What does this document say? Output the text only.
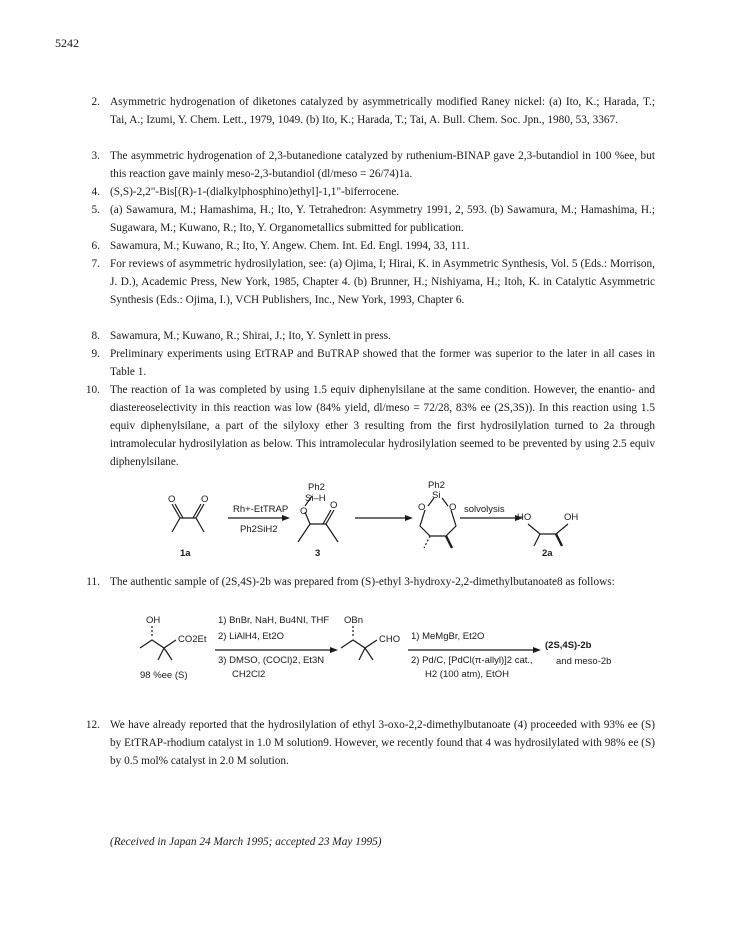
5242
2. Asymmetric hydrogenation of diketones catalyzed by asymmetrically modified Raney nickel: (a) Ito, K.; Harada, T.; Tai, A.; Izumi, Y. Chem. Lett., 1979, 1049. (b) Ito, K.; Harada, T.; Tai, A. Bull. Chem. Soc. Jpn., 1980, 53, 3367.
3. The asymmetric hydrogenation of 2,3-butanedione catalyzed by ruthenium-BINAP gave 2,3-butandiol in 100 %ee, but this reaction gave mainly meso-2,3-butandiol (dl/meso = 26/74)1a.
4. (S,S)-2,2"-Bis[(R)-1-(dialkylphosphino)ethyl]-1,1"-biferrocene.
5. (a) Sawamura, M.; Hamashima, H.; Ito, Y. Tetrahedron: Asymmetry 1991, 2, 593. (b) Sawamura, M.; Hamashima, H.; Sugawara, M.; Kuwano, R.; Ito, Y. Organometallics submitted for publication.
6. Sawamura, M.; Kuwano, R.; Ito, Y. Angew. Chem. Int. Ed. Engl. 1994, 33, 111.
7. For reviews of asymmetric hydrosilylation, see: (a) Ojima, I; Hirai, K. in Asymmetric Synthesis, Vol. 5 (Eds.: Morrison, J. D.), Academic Press, New York, 1985, Chapter 4. (b) Brunner, H.; Nishiyama, H.; Itoh, K. in Catalytic Asymmetric Synthesis (Eds.: Ojima, I.), VCH Publishers, Inc., New York, 1993, Chapter 6.
8. Sawamura, M.; Kuwano, R.; Shirai, J.; Ito, Y. Synlett in press.
9. Preliminary experiments using EtTRAP and BuTRAP showed that the former was superior to the later in all cases in Table 1.
10. The reaction of 1a was completed by using 1.5 equiv diphenylsilane at the same condition. However, the enantio- and diastereoselectivity in this reaction was low (84% yield, dl/meso = 72/28, 83% ee (2S,3S)). In this reaction using 1.5 equiv diphenylsilane, a part of the silyloxy ether 3 resulting from the first hydrosilylation turned to 2a through intramolecular hydrosilylation as below. This intramolecular hydrosilylation seemed to be prevented by using 2.5 equiv diphenylsilane.
11. The authentic sample of (2S,4S)-2b was prepared from (S)-ethyl 3-hydroxy-2,2-dimethylbutanoate8 as follows:
12. We have already reported that the hydrosilylation of ethyl 3-oxo-2,2-dimethylbutanoate (4) proceeded with 93% ee (S) by EtTRAP-rhodium catalyst in 1.0 M solution9. However, we recently found that 4 was hydrosilylated with 98% ee (S) by 0.5 mol% catalyst in 2.0 M solution.
O	O
Rh+-EtTRAP
Ph2SiH2
1a
Ph2
Si–H
O
O
3
Ph2
Si
O O solvolysis
HO	OH
2a
OH
CO2Et
98 %ee (S)
1) BnBr, NaH, Bu4NI, THF
2) LiAlH4, Et2O
3) DMSO, (COCl)2, Et3N
CH2Cl2
OBn
CHO 1) MeMgBr, Et2O
2) Pd/C, [PdCl(π-allyl)]2 cat.,
H2 (100 atm), EtOH
(2S,4S)-2b
and meso-2b
(Received in Japan 24 March 1995; accepted 23 May 1995)
